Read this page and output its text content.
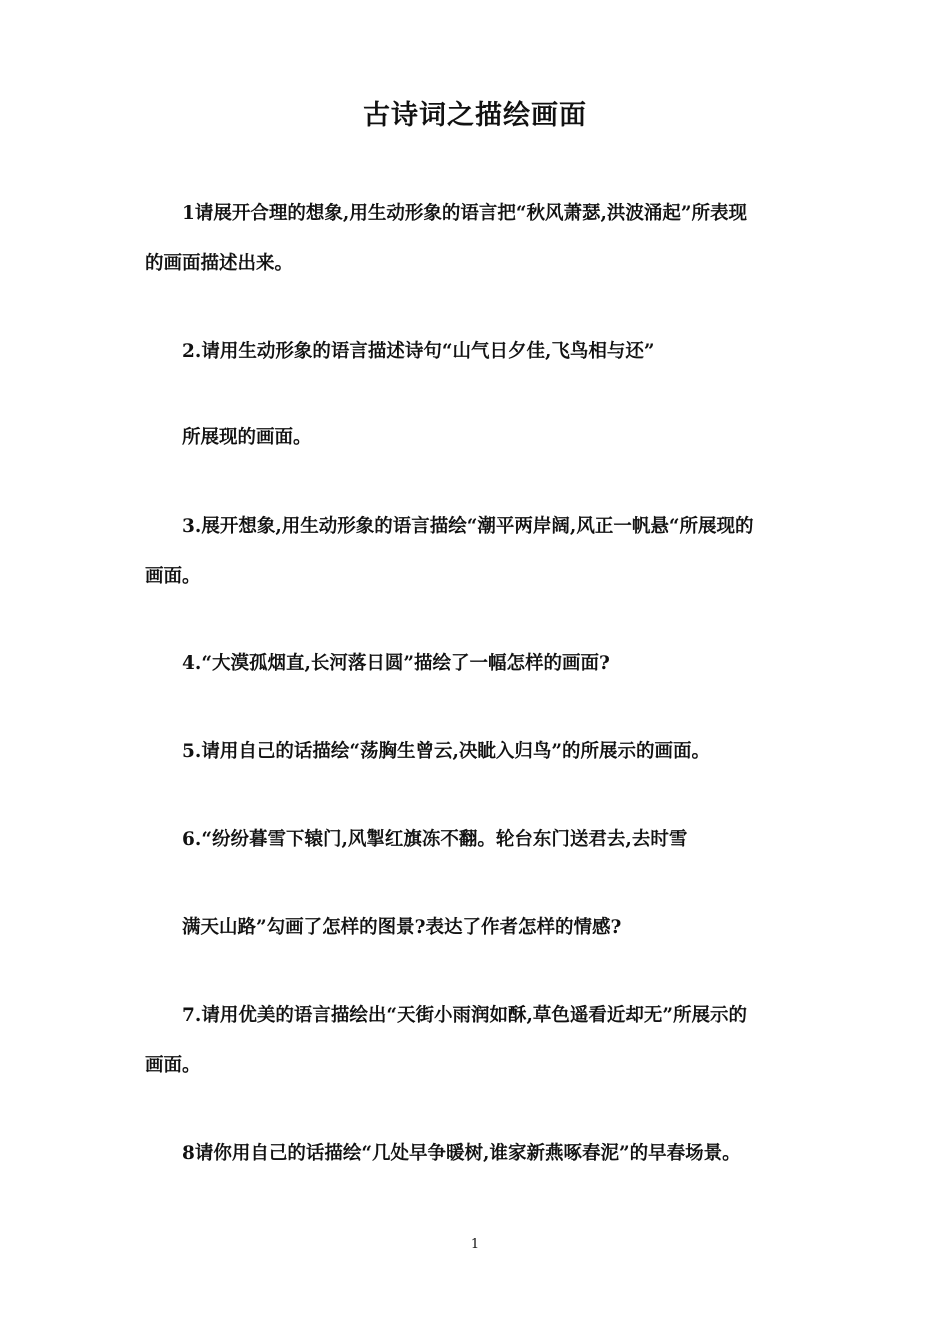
古诗词之描绘画面
1请展开合理的想象,用生动形象的语言把“秋风萧瑟,洪波涌起”所表现
的画面描述出来。
2.请用生动形象的语言描述诗句“山气日夕佳,飞鸟相与还”
所展现的画面。
3.展开想象,用生动形象的语言描绘“潮平两岸阔,风正一帆悬“所展现的
画面。
4.“大漠孤烟直,长河落日圆”描绘了一幅怎样的画面?
5.请用自己的话描绘“荡胸生曾云,决眦入归鸟”的所展示的画面。
6.“纷纷暮雪下辕门,风掣红旗冻不翻。轮台东门送君去,去时雪
满天山路”勾画了怎样的图景?表达了作者怎样的情感?
7.请用优美的语言描绘出“天街小雨润如酥,草色遥看近却无”所展示的
画面。
8请你用自己的话描绘“几处早争暖树,谁家新燕啄春泥”的早春场景。
1
